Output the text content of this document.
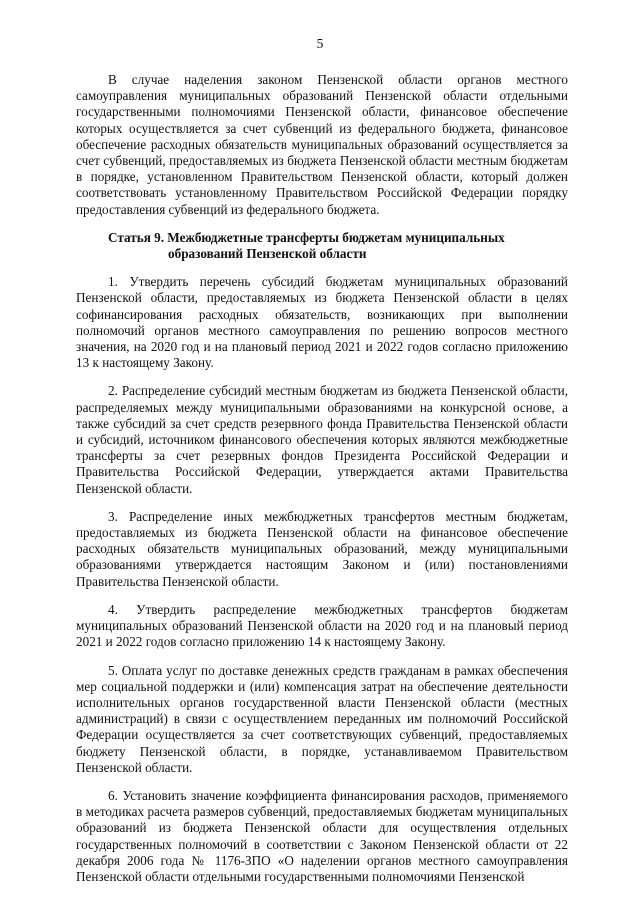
5

В случае наделения законом Пензенской области органов местного самоуправления муниципальных образований Пензенской области отдельными государственными полномочиями Пензенской области, финансовое обеспечение которых осуществляется за счет субвенций из федерального бюджета, финансовое обеспечение расходных обязательств муниципальных образований осуществляется за счет субвенций, предоставляемых из бюджета Пензенской области местным бюджетам в порядке, установленном Правительством Пензенской области, который должен соответствовать установленному Правительством Российской Федерации порядку предоставления субвенций из федерального бюджета.

Статья 9. Межбюджетные трансферты бюджетам муниципальных
образований Пензенской области

1. Утвердить перечень субсидий бюджетам муниципальных образований Пензенской области, предоставляемых из бюджета Пензенской области в целях софинансирования расходных обязательств, возникающих при выполнении полномочий органов местного самоуправления по решению вопросов местного значения, на 2020 год и на плановый период 2021 и 2022 годов согласно приложению 13 к настоящему Закону.

2. Распределение субсидий местным бюджетам из бюджета Пензенской области, распределяемых между муниципальными образованиями на конкурсной основе, а также субсидий за счет средств резервного фонда Правительства Пензенской области и субсидий, источником финансового обеспечения которых являются межбюджетные трансферты за счет резервных фондов Президента Российской Федерации и Правительства Российской Федерации, утверждается актами Правительства Пензенской области.

3. Распределение иных межбюджетных трансфертов местным бюджетам, предоставляемых из бюджета Пензенской области на финансовое обеспечение расходных обязательств муниципальных образований, между муниципальными образованиями утверждается настоящим Законом и (или) постановлениями Правительства Пензенской области.

4. Утвердить распределение межбюджетных трансфертов бюджетам муниципальных образований Пензенской области на 2020 год и на плановый период 2021 и 2022 годов согласно приложению 14 к настоящему Закону.

5. Оплата услуг по доставке денежных средств гражданам в рамках обеспечения мер социальной поддержки и (или) компенсация затрат на обеспечение деятельности исполнительных органов государственной власти Пензенской области (местных администраций) в связи с осуществлением переданных им полномочий Российской Федерации осуществляется за счет соответствующих субвенций, предоставляемых бюджету Пензенской области, в порядке, устанавливаемом Правительством Пензенской области.

6. Установить значение коэффициента финансирования расходов, применяемого в методиках расчета размеров субвенций, предоставляемых бюджетам муниципальных образований из бюджета Пензенской области для осуществления отдельных государственных полномочий в соответствии с Законом Пензенской области от 22 декабря 2006 года № 1176-ЗПО «О наделении органов местного самоуправления Пензенской области отдельными государственными полномочиями Пензенской
